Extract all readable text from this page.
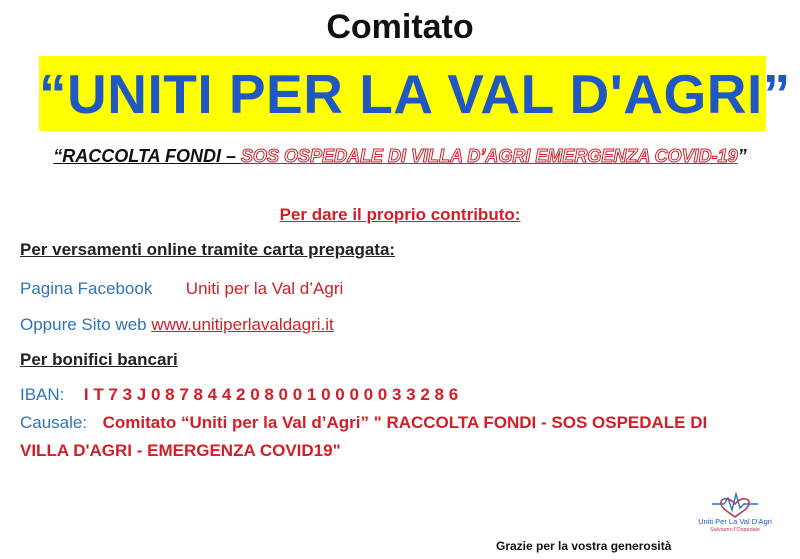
Comitato
“UNITI PER LA VAL D'AGRI”
“RACCOLTA FONDI – SOS OSPEDALE DI VILLA D’AGRI EMERGENZA COVID-19”
Per dare il proprio contributo:
Per versamenti online tramite carta prepagata:
Pagina Facebook Uniti per la Val d’Agri
Oppure Sito web www.unitiperlavaldagri.it
Per bonifici bancari
IBAN: I T 7 3 J 0 8 7 8 4 4 2 0 8 0 0 1 0 0 0 0 0 3 3 2 8 6
Causale: Comitato “Uniti per la Val d’Agri” " RACCOLTA FONDI - SOS OSPEDALE DI
VILLA D'AGRI - EMERGENZA COVID19"
Uniti Per La Val D'Agri
Salviamo l'Ospedale
Grazie per la vostra generosità
